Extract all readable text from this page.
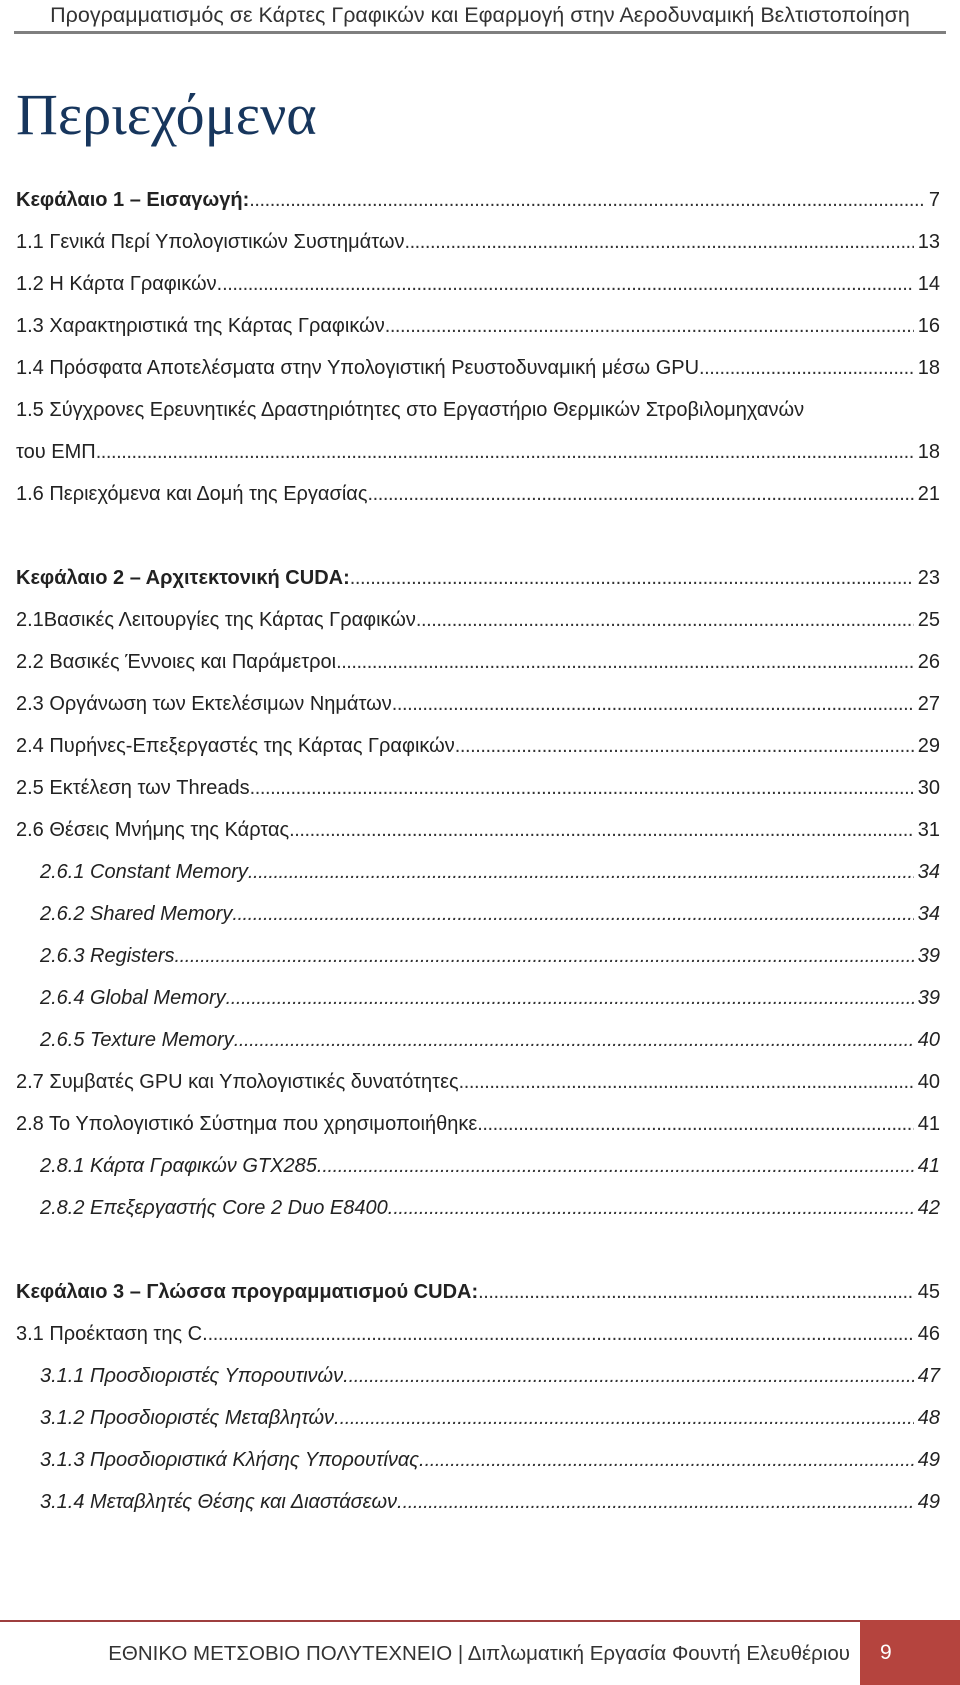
Προγραμματισμός σε Κάρτες Γραφικών και Εφαρμογή στην Αεροδυναμική Βελτιστοποίηση
Περιεχόμενα
Κεφάλαιο 1 – Εισαγωγή: . . .	7
1.1 Γενικά Περί Υπολογιστικών Συστημάτων . . .	13
1.2 Η Κάρτα Γραφικών. . . .	14
1.3 Χαρακτηριστικά της Κάρτας Γραφικών . . .	16
1.4 Πρόσφατα Αποτελέσματα στην Υπολογιστική Ρευστοδυναμική μέσω GPU . . .	18
1.5 Σύγχρονες Ερευνητικές Δραστηριότητες στο Εργαστήριο Θερμικών Στροβιλομηχανών
του ΕΜΠ . . .	18
1.6 Περιεχόμενα και Δομή της Εργασίας . . .	21
Κεφάλαιο 2 – Αρχιτεκτονική CUDA: . . .	23
2.1Βασικές Λειτουργίες της Κάρτας Γραφικών . . .	25
2.2 Βασικές Έννοιες και Παράμετροι . . .	26
2.3 Οργάνωση των Εκτελέσιμων Νημάτων . . .	27
2.4 Πυρήνες-Επεξεργαστές της Κάρτας Γραφικών . . .	29
2.5 Εκτέλεση των Threads . . .	30
2.6 Θέσεις Μνήμης της Κάρτας . . .	31
2.6.1 Constant Memory . . .	34
2.6.2 Shared Memory . . .	34
2.6.3 Registers . . .	39
2.6.4 Global Memory . . .	39
2.6.5 Texture Memory . . .	40
2.7 Συμβατές GPU και Υπολογιστικές δυνατότητες . . .	40
2.8 Το Υπολογιστικό Σύστημα που χρησιμοποιήθηκε . . .	41
2.8.1 Κάρτα Γραφικών GTX285. . . .	41
2.8.2 Επεξεργαστής Core 2 Duo E8400. . . .	42
Κεφάλαιο 3 – Γλώσσα προγραμματισμού CUDA: . . .	45
3.1 Προέκταση της C. . . .	46
3.1.1 Προσδιοριστές Υπορουτινών. . . .	47
3.1.2 Προσδιοριστές Μεταβλητών. . . .	48
3.1.3 Προσδιοριστικά Κλήσης Υπορουτίνας. . . .	49
3.1.4 Μεταβλητές Θέσης και Διαστάσεων. . . .	49
ΕΘΝΙΚΟ ΜΕΤΣΟΒΙΟ ΠΟΛΥΤΕΧΝΕΙΟ | Διπλωματική Εργασία Φουντή Ελευθέριου 9
